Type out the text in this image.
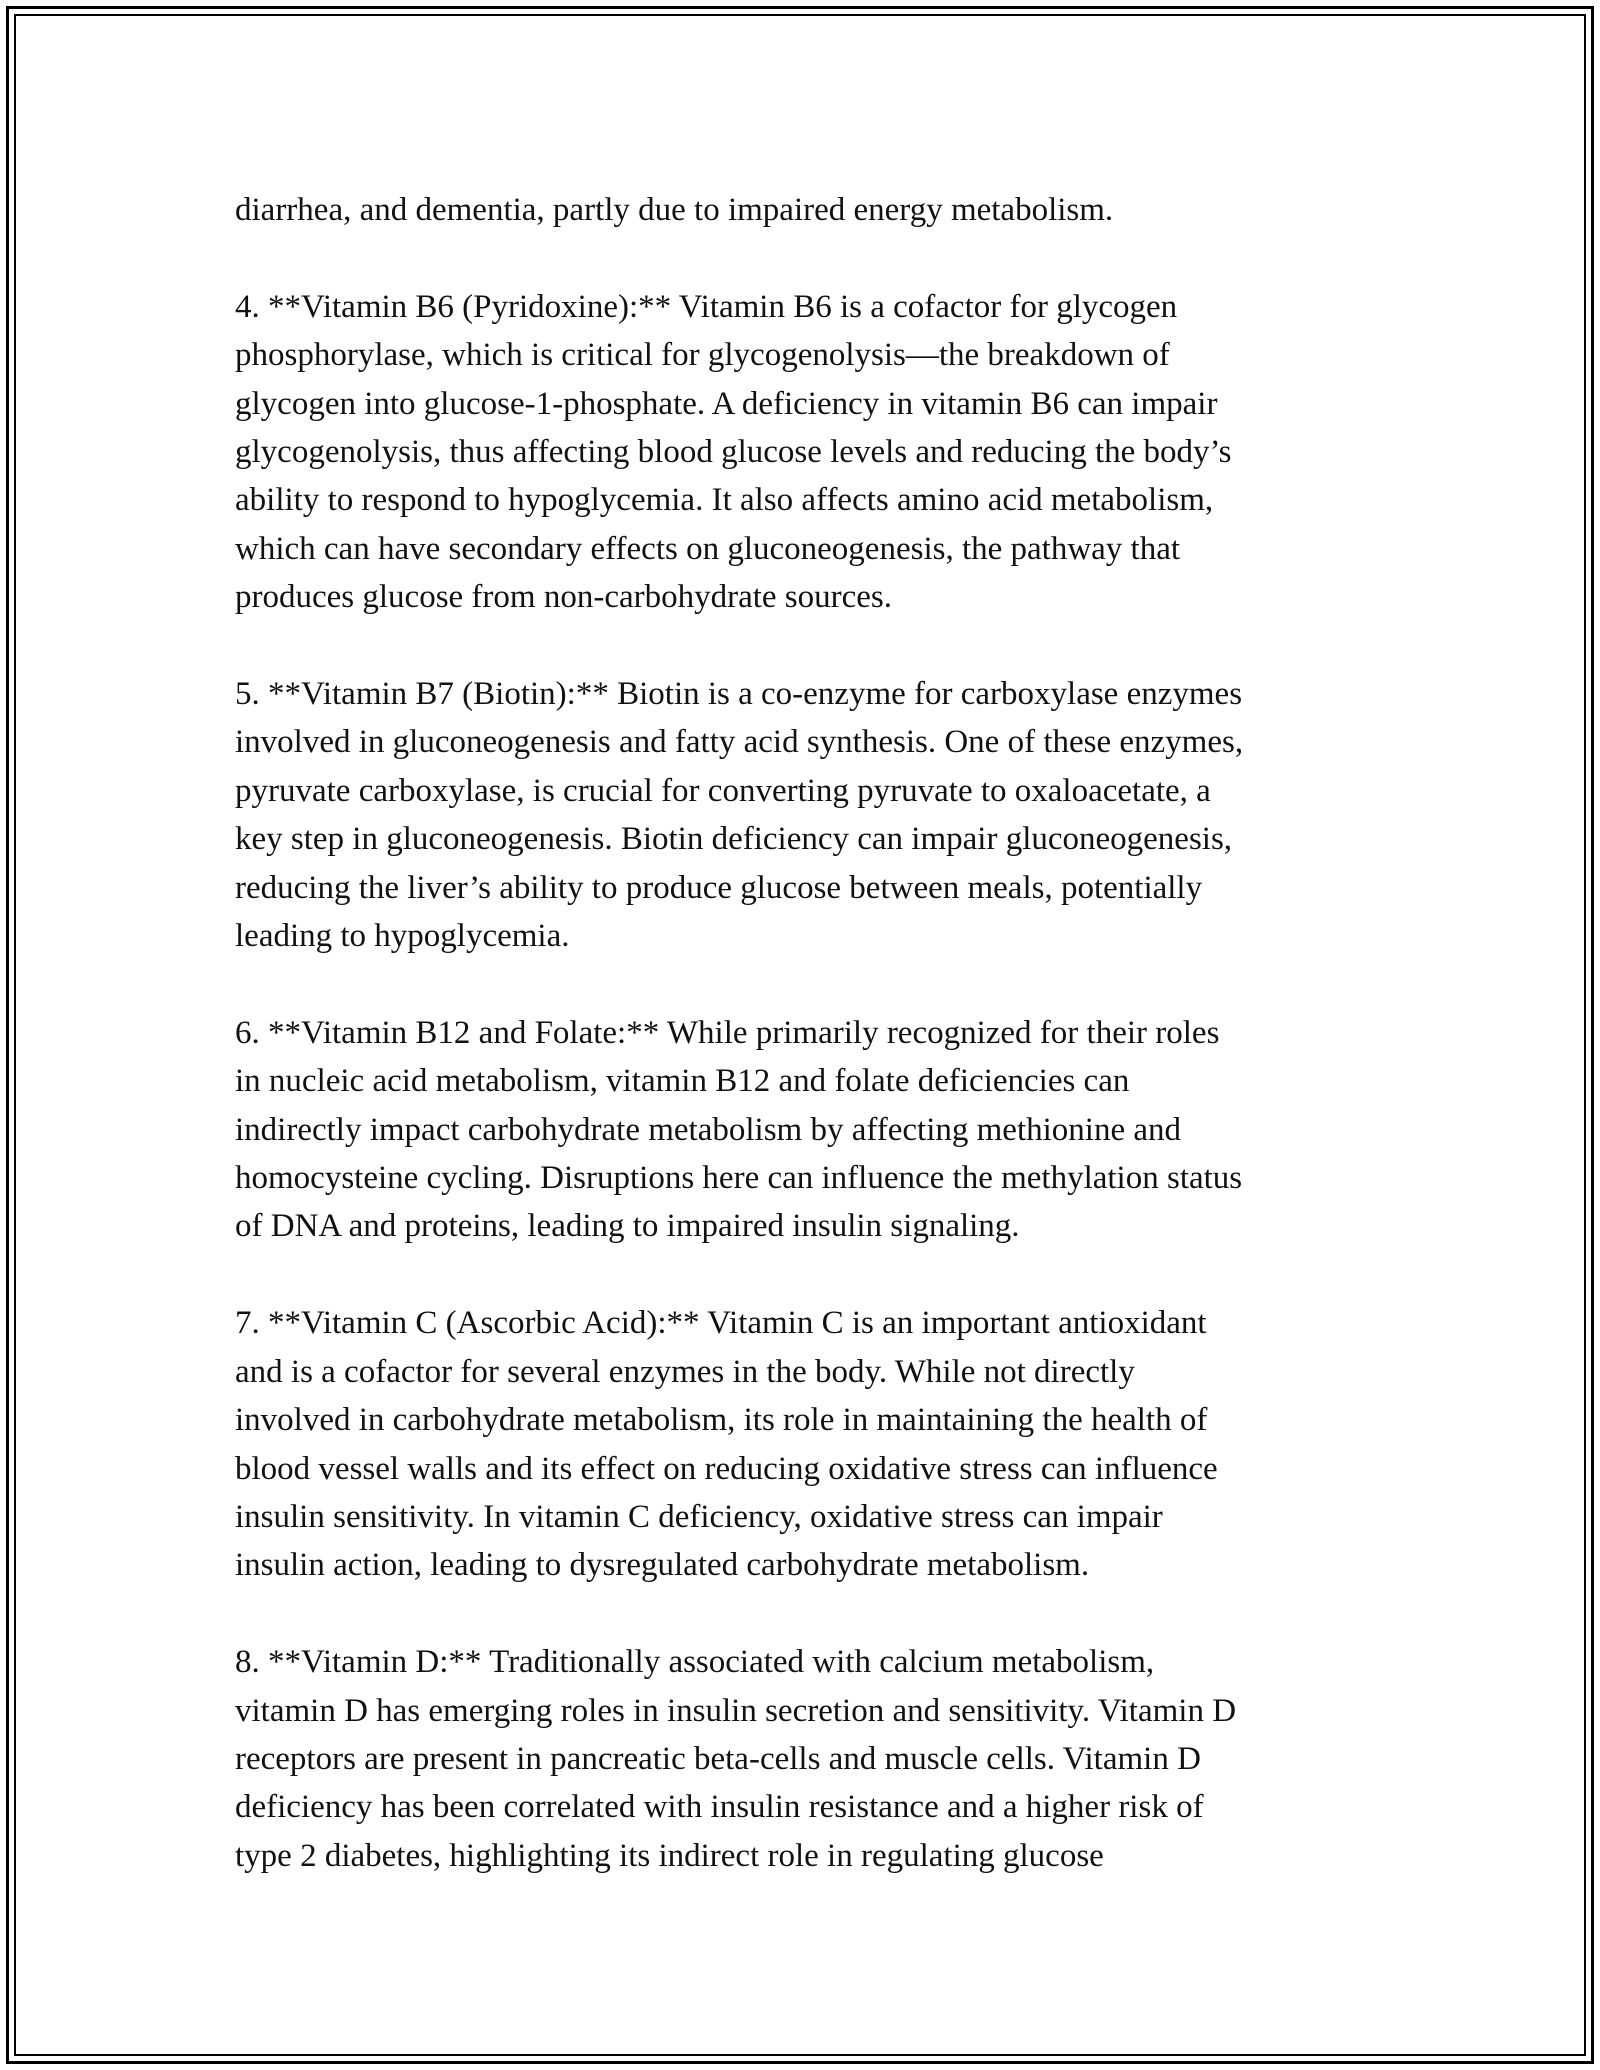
diarrhea, and dementia, partly due to impaired energy metabolism.

4. **Vitamin B6 (Pyridoxine):** Vitamin B6 is a cofactor for glycogen
phosphorylase, which is critical for glycogenolysis—the breakdown of
glycogen into glucose-1-phosphate. A deficiency in vitamin B6 can impair
glycogenolysis, thus affecting blood glucose levels and reducing the body’s
ability to respond to hypoglycemia. It also affects amino acid metabolism,
which can have secondary effects on gluconeogenesis, the pathway that
produces glucose from non-carbohydrate sources.

5. **Vitamin B7 (Biotin):** Biotin is a co-enzyme for carboxylase enzymes
involved in gluconeogenesis and fatty acid synthesis. One of these enzymes,
pyruvate carboxylase, is crucial for converting pyruvate to oxaloacetate, a
key step in gluconeogenesis. Biotin deficiency can impair gluconeogenesis,
reducing the liver’s ability to produce glucose between meals, potentially
leading to hypoglycemia.

6. **Vitamin B12 and Folate:** While primarily recognized for their roles
in nucleic acid metabolism, vitamin B12 and folate deficiencies can
indirectly impact carbohydrate metabolism by affecting methionine and
homocysteine cycling. Disruptions here can influence the methylation status
of DNA and proteins, leading to impaired insulin signaling.

7. **Vitamin C (Ascorbic Acid):** Vitamin C is an important antioxidant
and is a cofactor for several enzymes in the body. While not directly
involved in carbohydrate metabolism, its role in maintaining the health of
blood vessel walls and its effect on reducing oxidative stress can influence
insulin sensitivity. In vitamin C deficiency, oxidative stress can impair
insulin action, leading to dysregulated carbohydrate metabolism.

8. **Vitamin D:** Traditionally associated with calcium metabolism,
vitamin D has emerging roles in insulin secretion and sensitivity. Vitamin D
receptors are present in pancreatic beta-cells and muscle cells. Vitamin D
deficiency has been correlated with insulin resistance and a higher risk of
type 2 diabetes, highlighting its indirect role in regulating glucose
